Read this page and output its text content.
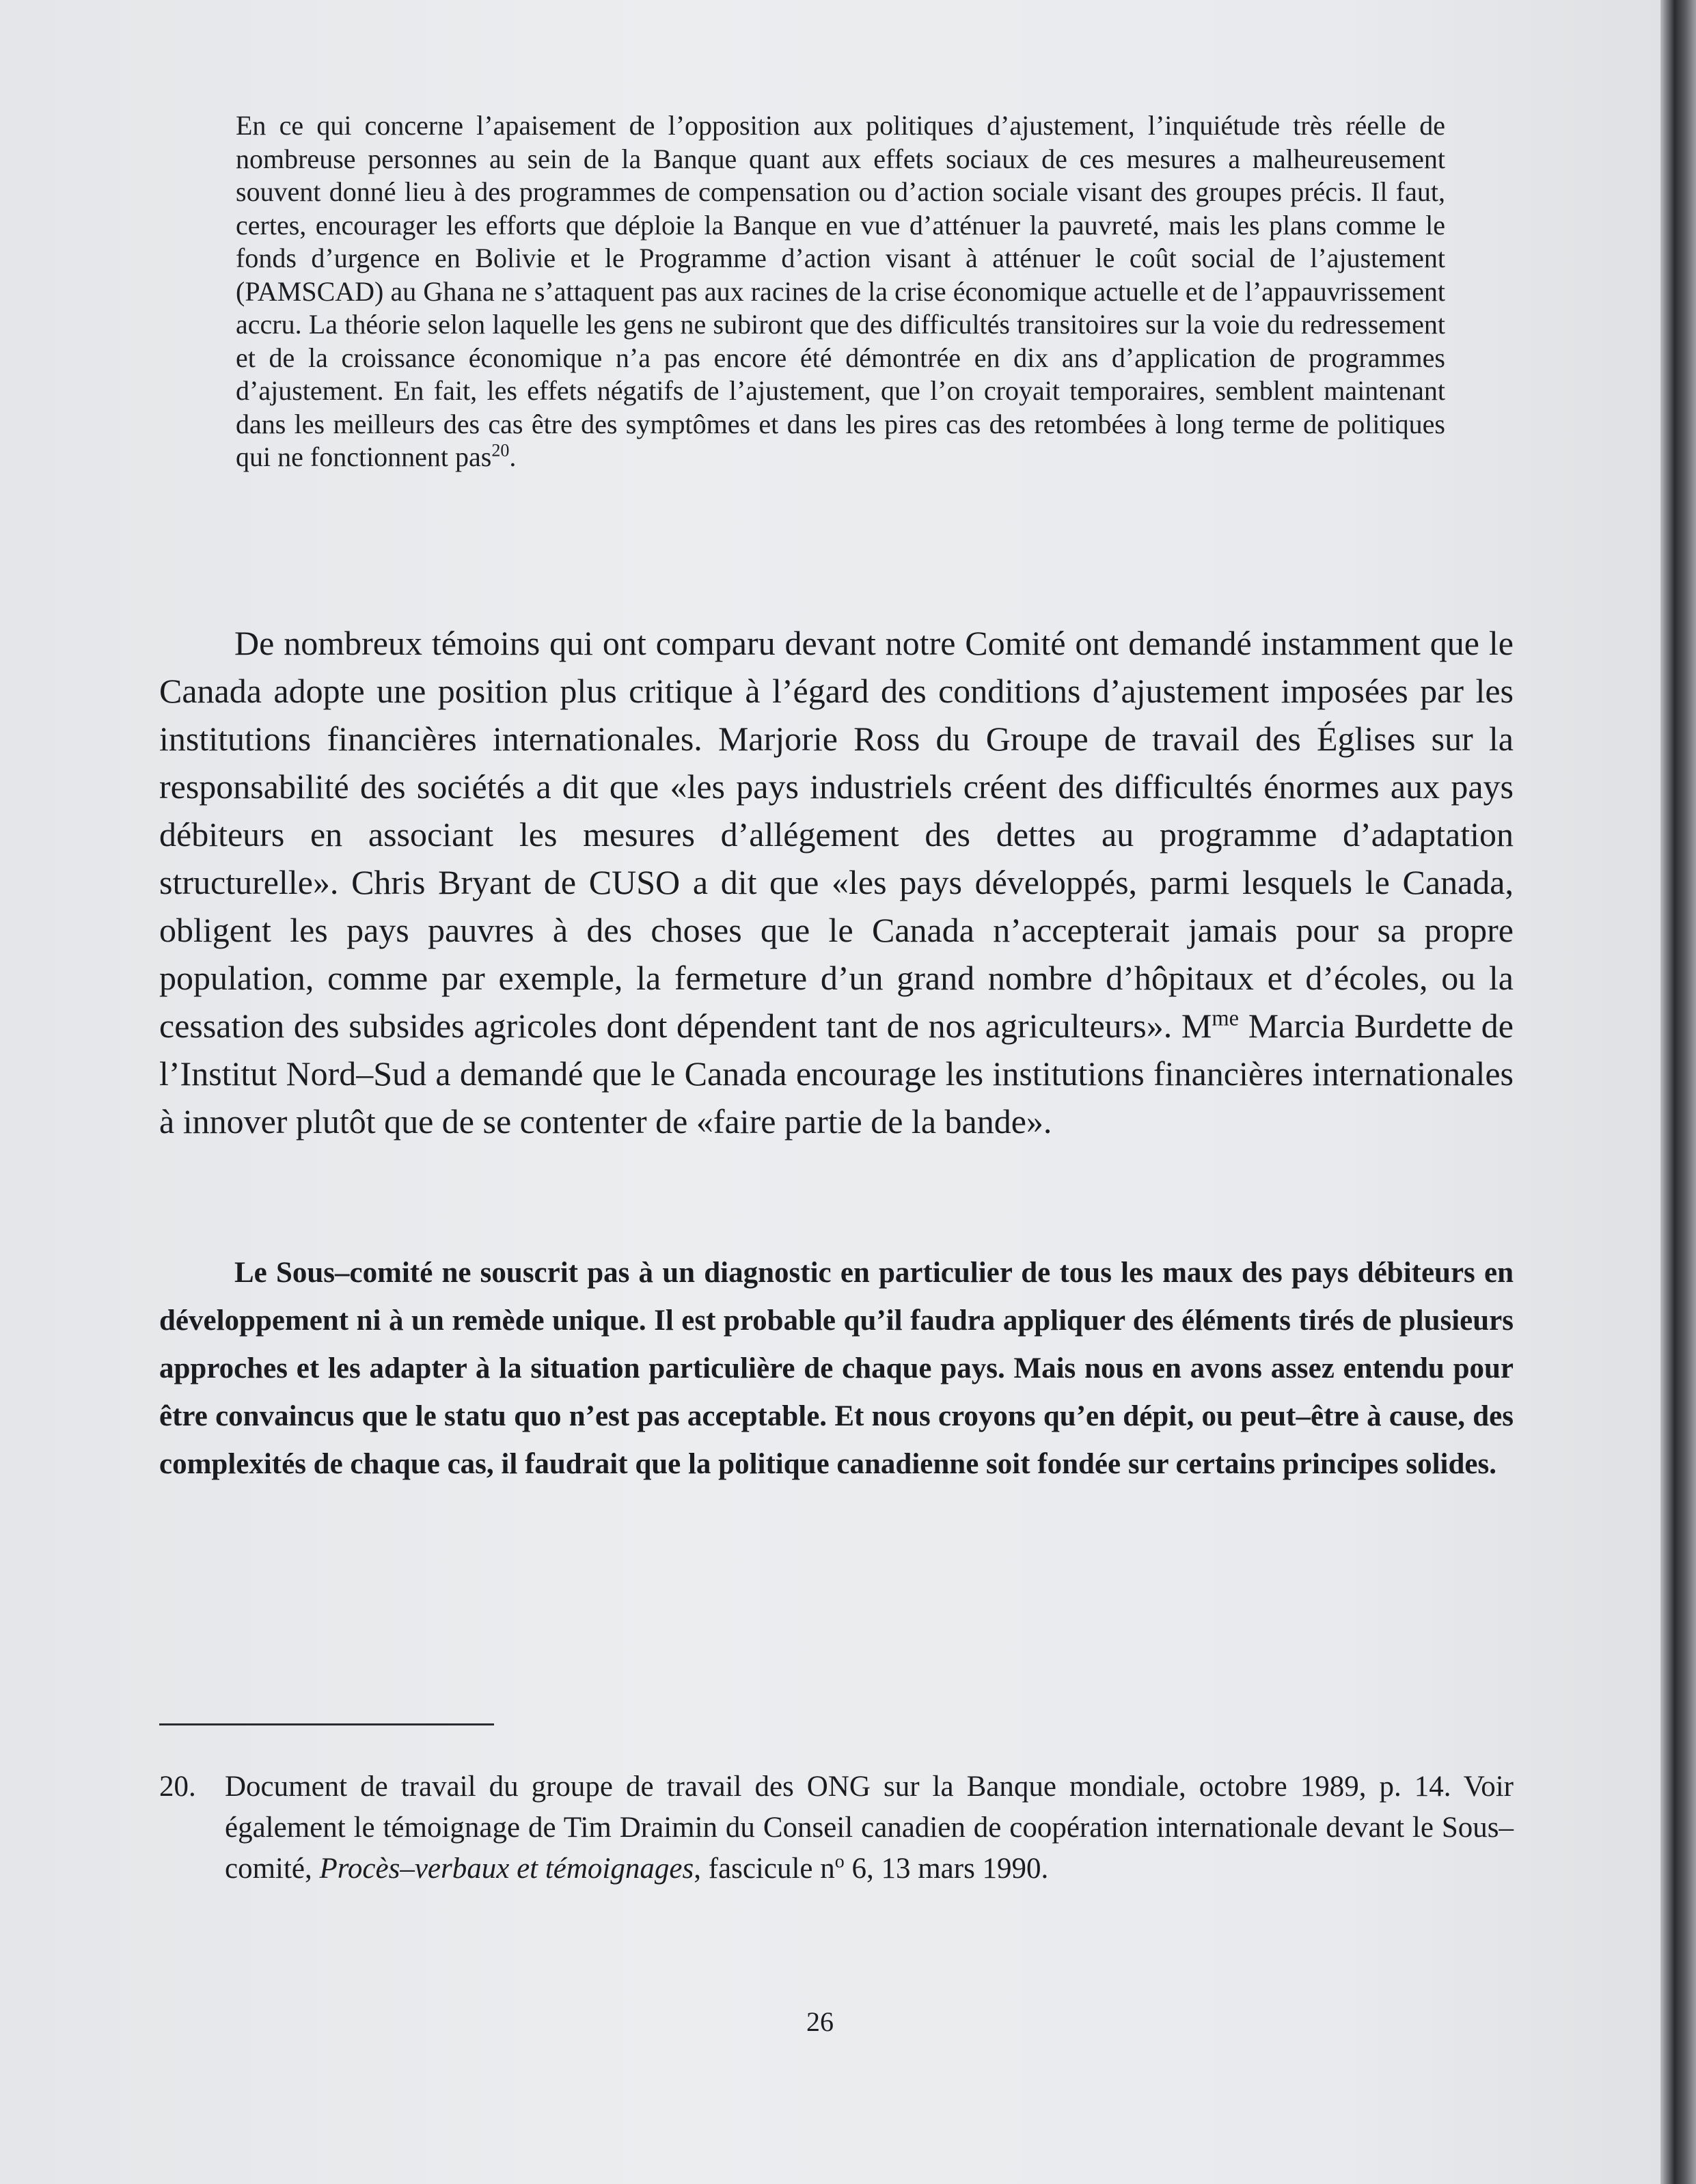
En ce qui concerne l’apaisement de l’opposition aux politiques d’ajustement, l’inquiétude très réelle de nombreuse personnes au sein de la Banque quant aux effets sociaux de ces mesures a malheureusement souvent donné lieu à des programmes de compensation ou d’action sociale visant des groupes précis. Il faut, certes, encourager les efforts que déploie la Banque en vue d’atténuer la pauvreté, mais les plans comme le fonds d’urgence en Bolivie et le Programme d’action visant à atténuer le coût social de l’ajustement (PAMSCAD) au Ghana ne s’attaquent pas aux racines de la crise économique actuelle et de l’appauvrissement accru. La théorie selon laquelle les gens ne subiront que des difficultés transitoires sur la voie du redressement et de la croissance économique n’a pas encore été démontrée en dix ans d’application de programmes d’ajustement. En fait, les effets négatifs de l’ajustement, que l’on croyait temporaires, semblent maintenant dans les meilleurs des cas être des symptômes et dans les pires cas des retombées à long terme de politiques qui ne fonctionnent pas$^{20}$.

De nombreux témoins qui ont comparu devant notre Comité ont demandé instamment que le Canada adopte une position plus critique à l’égard des conditions d’ajustement imposées par les institutions financières internationales. Marjorie Ross du Groupe de travail des Églises sur la responsabilité des sociétés a dit que «les pays industriels créent des difficultés énormes aux pays débiteurs en associant les mesures d’allégement des dettes au programme d’adaptation structurelle». Chris Bryant de CUSO a dit que «les pays développés, parmi lesquels le Canada, obligent les pays pauvres à des choses que le Canada n’accepterait jamais pour sa propre population, comme par exemple, la fermeture d’un grand nombre d’hôpitaux et d’écoles, ou la cessation des subsides agricoles dont dépendent tant de nos agriculteurs». $M^{me}$ Marcia Burdette de l’Institut Nord–Sud a demandé que le Canada encourage les institutions financières internationales à innover plutôt que de se contenter de «faire partie de la bande».

Le Sous–comité ne souscrit pas à un diagnostic en particulier de tous les maux des pays débiteurs en développement ni à un remède unique. Il est probable qu’il faudra appliquer des éléments tirés de plusieurs approches et les adapter à la situation particulière de chaque pays. Mais nous en avons assez entendu pour être convaincus que le statu quo n’est pas acceptable. Et nous croyons qu’en dépit, ou peut–être à cause, des complexités de chaque cas, il faudrait que la politique canadienne soit fondée sur certains principes solides.

20. Document de travail du groupe de travail des ONG sur la Banque mondiale, octobre 1989, p. 14. Voir également le témoignage de Tim Draimin du Conseil canadien de coopération internationale devant le Sous–comité, Procès–verbaux et témoignages, fascicule $n^o$ 6, 13 mars 1990.
26
